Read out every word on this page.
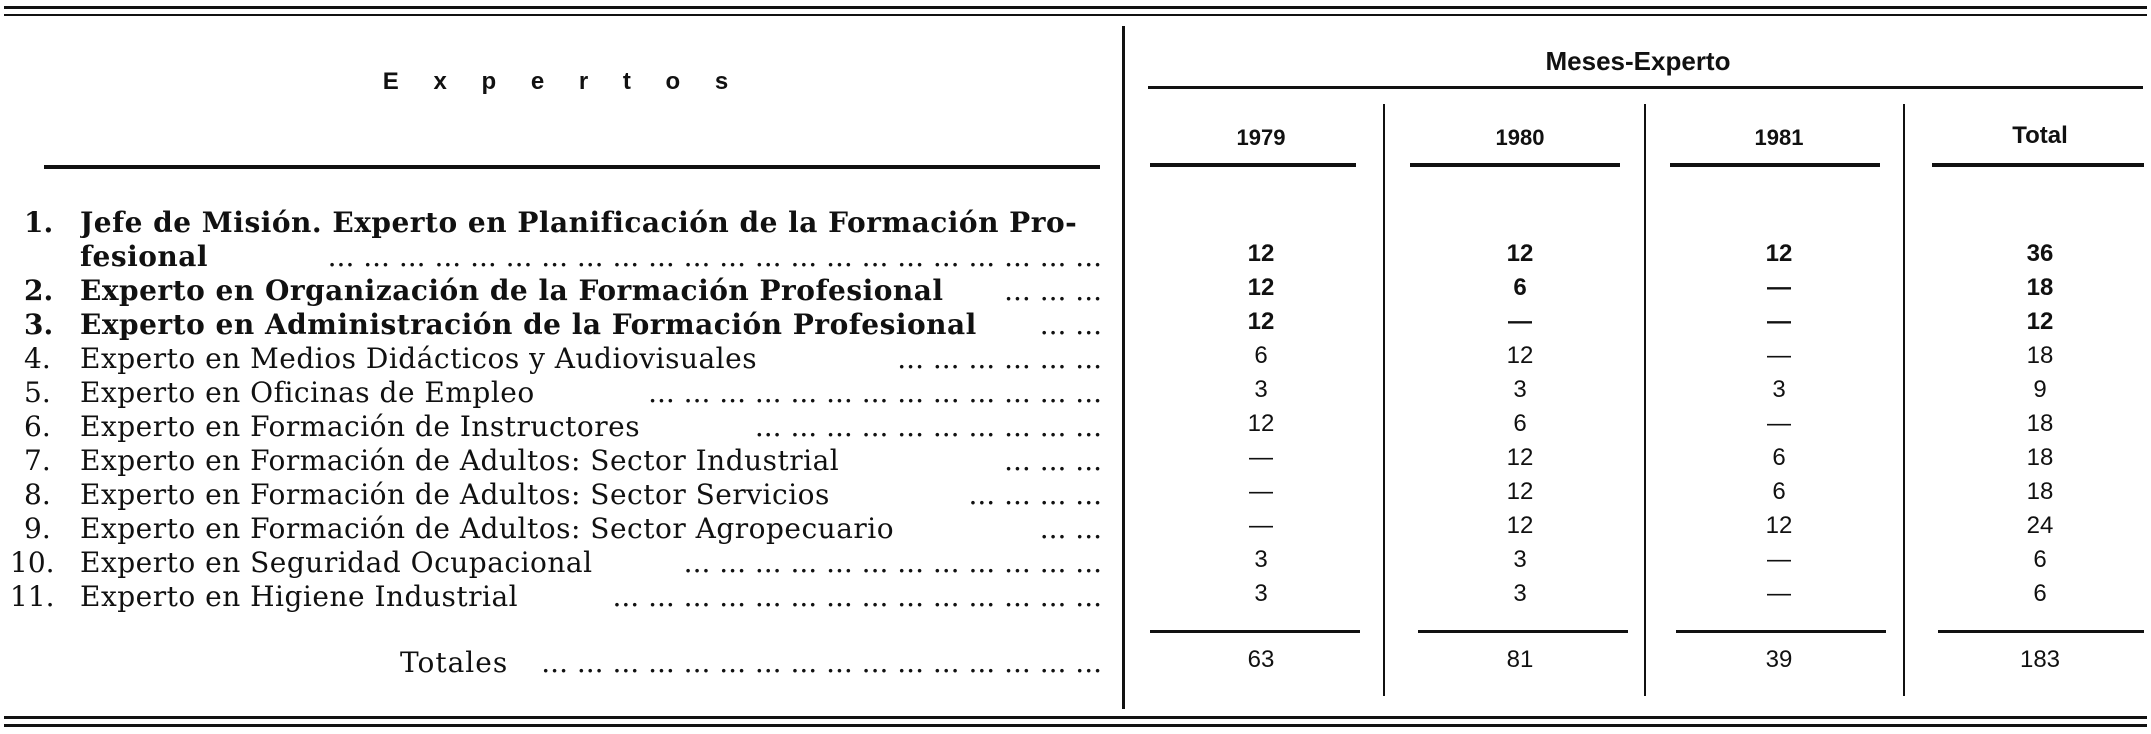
E x p e r t o s
Meses-Experto
1979	1980	1981	Total
1. Jefe de Misión. Experto en Planificación de la Formación Pro-
fesional	... ... ... ... ... ... ... ... ... ... ... ... ... ... ... ... ... ... ... ... ... ...	12	12	12	36
2. Experto en Organización de la Formación Profesional	... ... ...	12	6	—	18
3. Experto en Administración de la Formación Profesional	... ...	12	—	—	12
4.	Experto en Medios Didácticos y Audiovisuales	... ... ... ... ... ...	6	12	—	18
5.	Experto en Oficinas de Empleo	... ... ... ... ... ... ... ... ... ... ... ... ...	3	3	3	9
6.	Experto en Formación de Instructores	... ... ... ... ... ... ... ... ... ...	12	6	—	18
7.	Experto en Formación de Adultos: Sector Industrial	... ... ...	—	12	6	18
8.	Experto en Formación de Adultos: Sector Servicios	... ... ... ...	—	12	6	18
9.	Experto en Formación de Adultos: Sector Agropecuario	... ...	—	12	12	24
10. Experto en Seguridad Ocupacional	... ... ... ... ... ... ... ... ... ... ... ...	3	3	—	6
11. Experto en Higiene Industrial	... ... ... ... ... ... ... ... ... ... ... ... ... ...	3	3	—	6
Totales ... ... ... ... ... ... ... ... ... ... ... ... ... ... ... ...	63	81	39	183
